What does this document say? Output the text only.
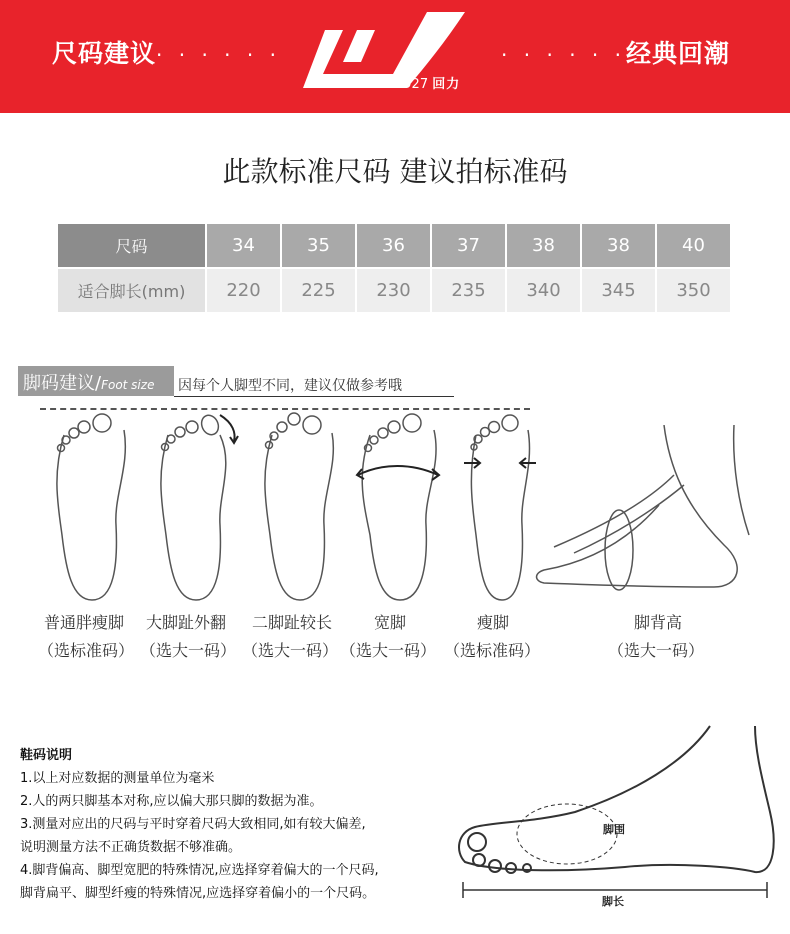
尺码建议· · · · · ·
1927 回力
· · · · · ·经典回潮
此款标准尺码 建议拍标准码
尺码	34	35	36	37	38	38	40
适合脚长(mm)	220	225	230	235	340	345	350
脚码建议/Foot size 因每个人脚型不同，建议仅做参考哦
普通胖瘦脚
（选标准码）
大脚趾外翻
（选大一码）
二脚趾较长
（选大一码）
宽脚
（选大一码）
瘦脚
（选标准码）
脚背高
（选大一码）
鞋码说明
1.以上对应数据的测量单位为毫米
2.人的两只脚基本对称,应以偏大那只脚的数据为准。
3.测量对应出的尺码与平时穿着尺码大致相同,如有较大偏差,
说明测量方法不正确货数据不够准确。
4.脚背偏高、脚型宽肥的特殊情况,应选择穿着偏大的一个尺码,
脚背扁平、脚型纤瘦的特殊情况,应选择穿着偏小的一个尺码。
脚围
脚长
